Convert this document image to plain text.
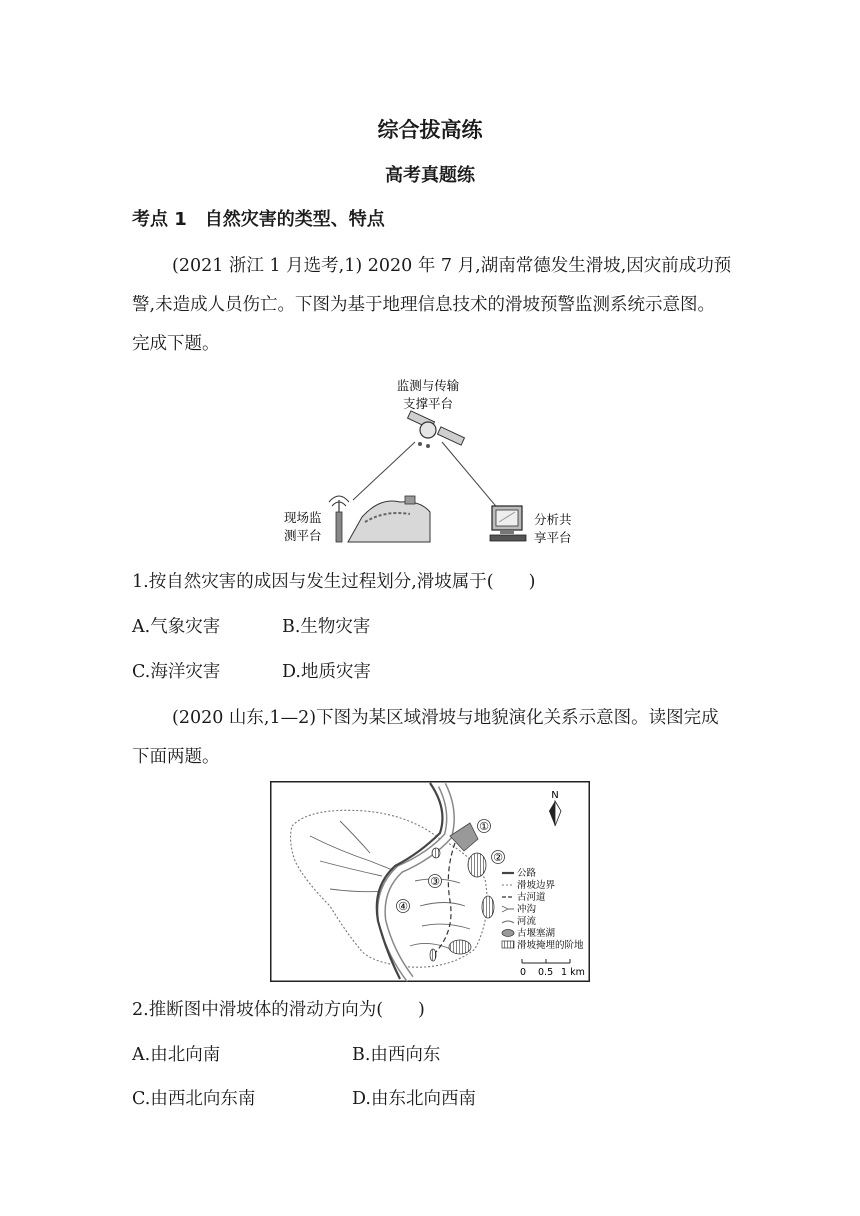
综合拔高练
高考真题练
考点 1　自然灾害的类型、特点
(2021 浙江 1 月选考,1) 2020 年 7 月,湖南常德发生滑坡,因灾前成功预警,未造成人员伤亡。下图为基于地理信息技术的滑坡预警监测系统示意图。完成下题。
监测与传输
支撑平台
现场监
测平台
分析共
享平台
1.按自然灾害的成因与发生过程划分,滑坡属于(　　)
A.气象灾害	B.生物灾害
C.海洋灾害	D.地质灾害
(2020 山东,1—2)下图为某区域滑坡与地貌演化关系示意图。读图完成下面两题。
①
②
③
④
N
公路
滑坡边界
古河道
冲沟
河流
古堰塞湖
滑坡掩埋的阶地
0 0.5 1 km
2.推断图中滑坡体的滑动方向为(　　)
A.由北向南	B.由西向东
C.由西北向东南	D.由东北向西南
